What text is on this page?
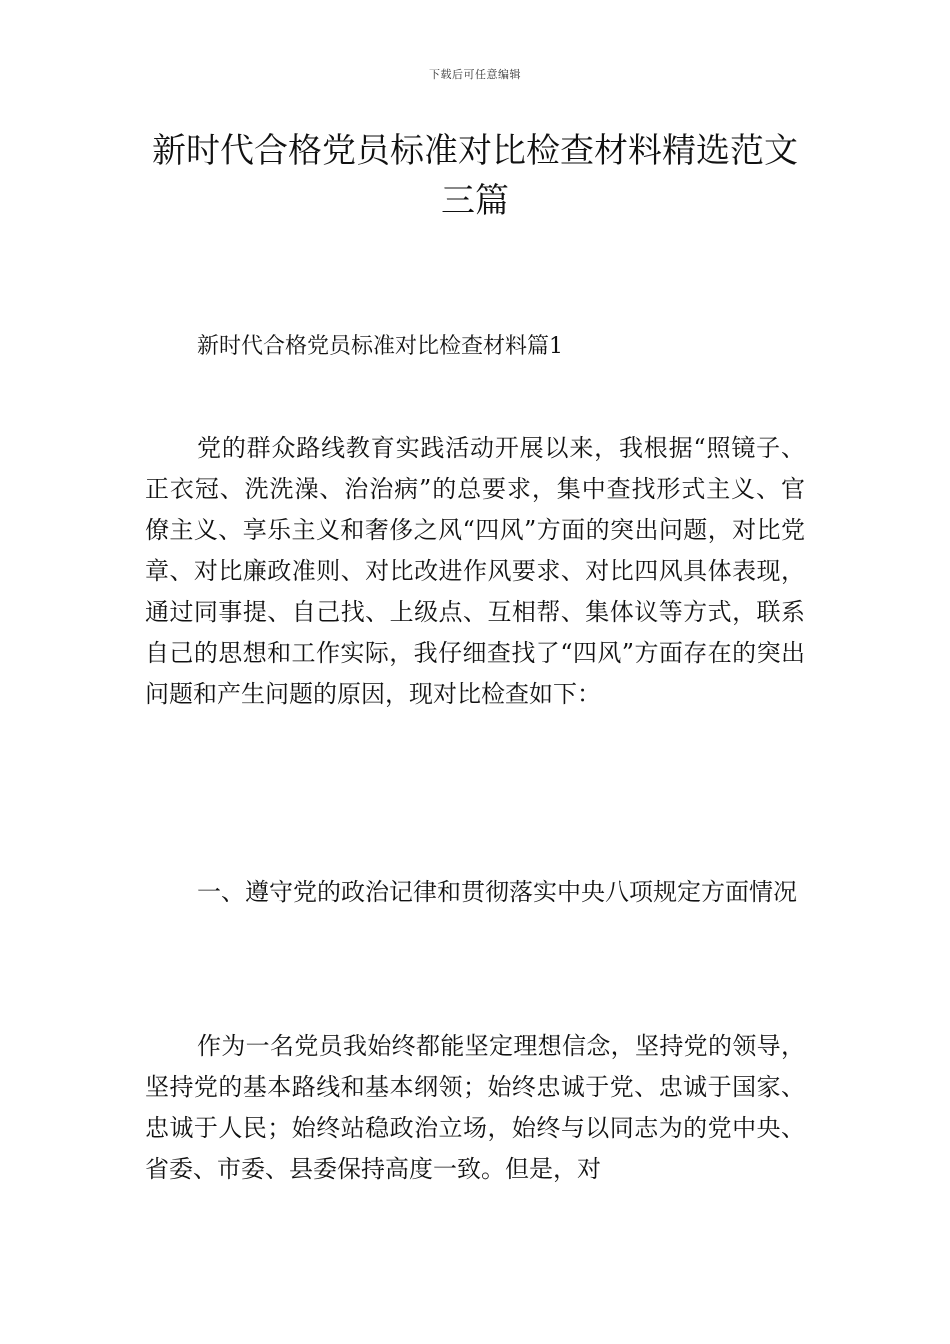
下载后可任意编辑
新时代合格党员标准对比检查材料精选范文三篇
新时代合格党员标准对比检查材料篇1

党的群众路线教育实践活动开展以来，我根据“照镜子、正衣冠、洗洗澡、治治病”的总要求，集中查找形式主义、官僚主义、享乐主义和奢侈之风“四风”方面的突出问题，对比党章、对比廉政准则、对比改进作风要求、对比四风具体表现，通过同事提、自己找、上级点、互相帮、集体议等方式，联系自己的思想和工作实际，我仔细查找了“四风”方面存在的突出问题和产生问题的原因，现对比检查如下：

一、遵守党的政治记律和贯彻落实中央八项规定方面情况

作为一名党员我始终都能坚定理想信念，坚持党的领导，坚持党的基本路线和基本纲领；始终忠诚于党、忠诚于国家、忠诚于人民；始终站稳政治立场，始终与以同志为的党中央、省委、市委、县委保持高度一致。但是，对
